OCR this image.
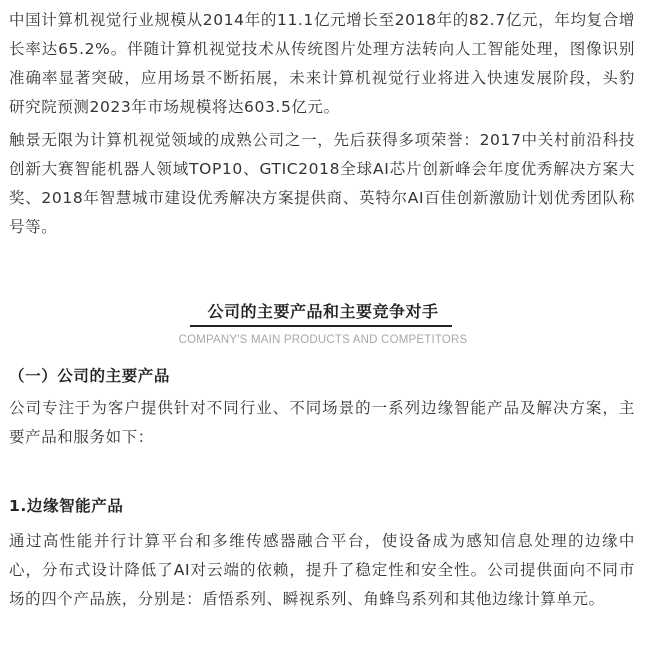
中国计算机视觉行业规模从2014年的11.1亿元增长至2018年的82.7亿元，年均复合增长率达65.2%。伴随计算机视觉技术从传统图片处理方法转向人工智能处理，图像识别准确率显著突破，应用场景不断拓展，未来计算机视觉行业将进入快速发展阶段，头豹研究院预测2023年市场规模将达603.5亿元。

触景无限为计算机视觉领域的成熟公司之一，先后获得多项荣誉：2017中关村前沿科技创新大赛智能机器人领域TOP10、GTIC2018全球AI芯片创新峰会年度优秀解决方案大奖、2018年智慧城市建设优秀解决方案提供商、英特尔AI百佳创新激励计划优秀团队称号等。

公司的主要产品和主要竞争对手
COMPANY'S MAIN PRODUCTS AND COMPETITORS
（一）公司的主要产品

公司专注于为客户提供针对不同行业、不同场景的一系列边缘智能产品及解决方案，主要产品和服务如下：

1.边缘智能产品

通过高性能并行计算平台和多维传感器融合平台，使设备成为感知信息处理的边缘中心，分布式设计降低了AI对云端的依赖，提升了稳定性和安全性。公司提供面向不同市场的四个产品族，分别是：盾悟系列、瞬视系列、角蜂鸟系列和其他边缘计算单元。
